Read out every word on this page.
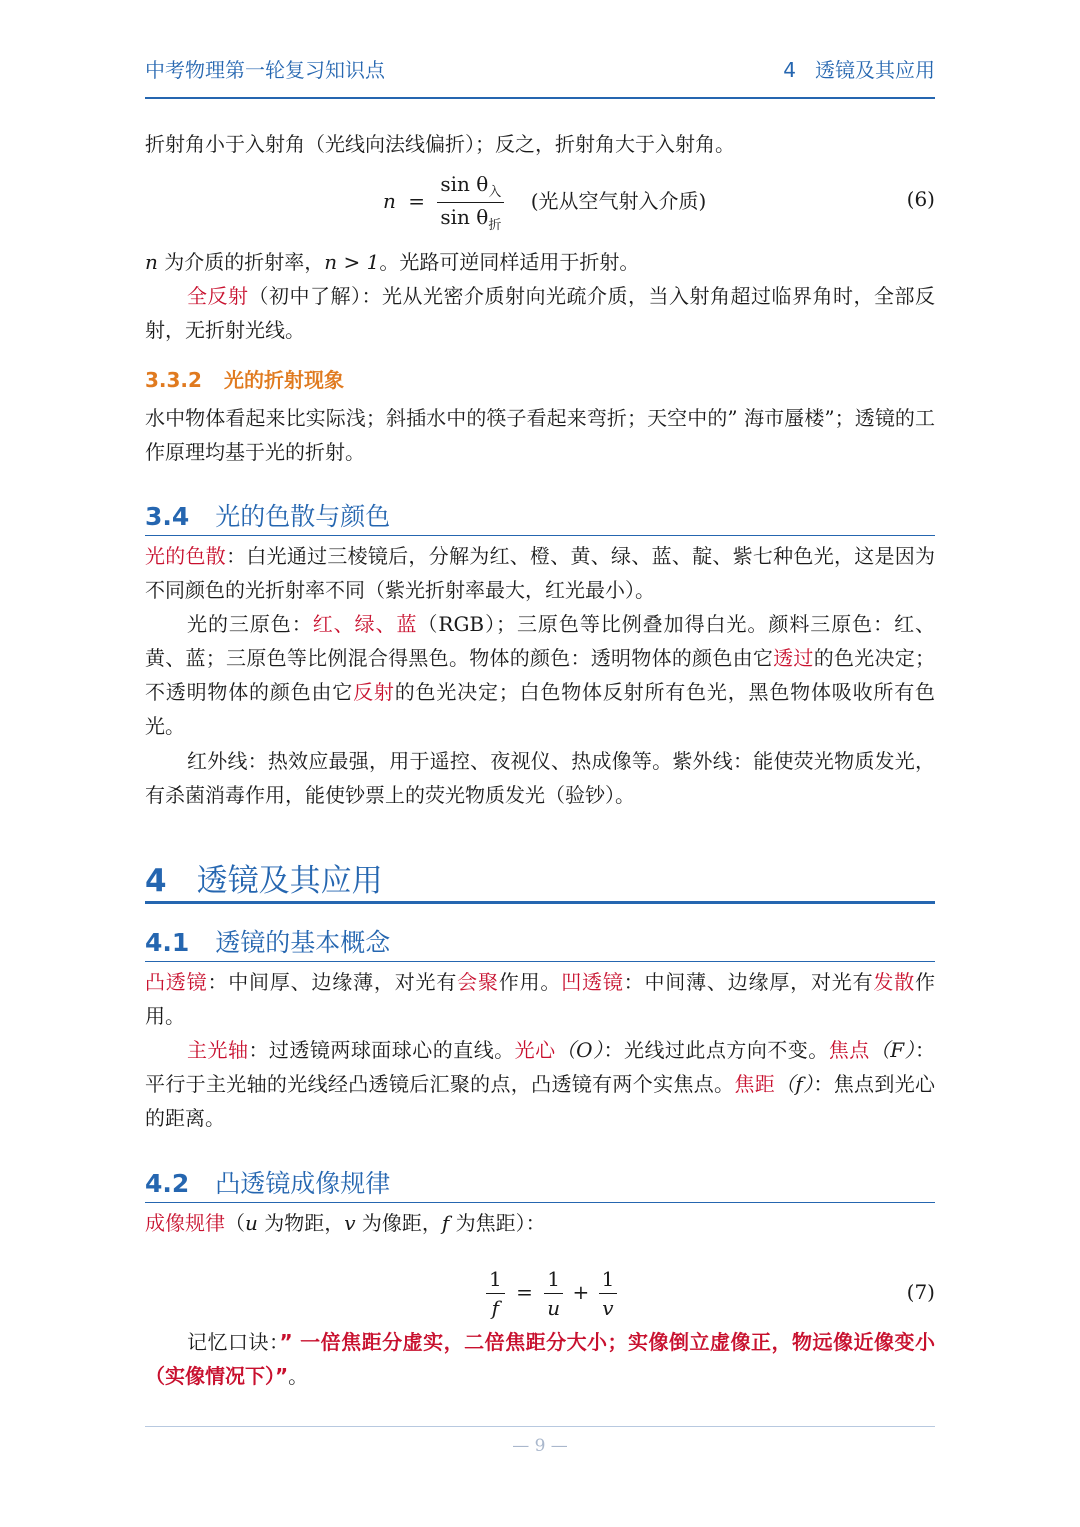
中考物理第一轮复习知识点	4 透镜及其应用
折射角小于入射角（光线向法线偏折）；反之，折射角大于入射角。
$n = \frac{\sin \theta_入}{\sin \theta_折}$ (光从空气射入介质)	(6)
n 为介质的折射率，n > 1。光路可逆同样适用于折射。
全反射（初中了解）：光从光密介质射向光疏介质，当入射角超过临界角时，全部反射，无折射光线。
3.3.2 光的折射现象
水中物体看起来比实际浅；斜插水中的筷子看起来弯折；天空中的” 海市蜃楼”；透镜的工作原理均基于光的折射。
3.4 光的色散与颜色
光的色散：白光通过三棱镜后，分解为红、橙、黄、绿、蓝、靛、紫七种色光，这是因为不同颜色的光折射率不同（紫光折射率最大，红光最小）。
光的三原色：红、绿、蓝（RGB）；三原色等比例叠加得白光。颜料三原色：红、黄、蓝；三原色等比例混合得黑色。物体的颜色：透明物体的颜色由它透过的色光决定；不透明物体的颜色由它反射的色光决定；白色物体反射所有色光，黑色物体吸收所有色光。
红外线：热效应最强，用于遥控、夜视仪、热成像等。紫外线：能使荧光物质发光，有杀菌消毒作用，能使钞票上的荧光物质发光（验钞）。
4 透镜及其应用
4.1 透镜的基本概念
凸透镜：中间厚、边缘薄，对光有会聚作用。凹透镜：中间薄、边缘厚，对光有发散作用。
主光轴：过透镜两球面球心的直线。光心（O）：光线过此点方向不变。焦点（F）：平行于主光轴的光线经凸透镜后汇聚的点，凸透镜有两个实焦点。焦距（f）：焦点到光心的距离。
4.2 凸透镜成像规律
成像规律（u 为物距，v 为像距，f 为焦距）：
$\frac{1}{f} = \frac{1}{u} + \frac{1}{v}$	(7)
记忆口诀：” 一倍焦距分虚实，二倍焦距分大小；实像倒立虚像正，物远像近像变小（实像情况下）”。
— 9 —
